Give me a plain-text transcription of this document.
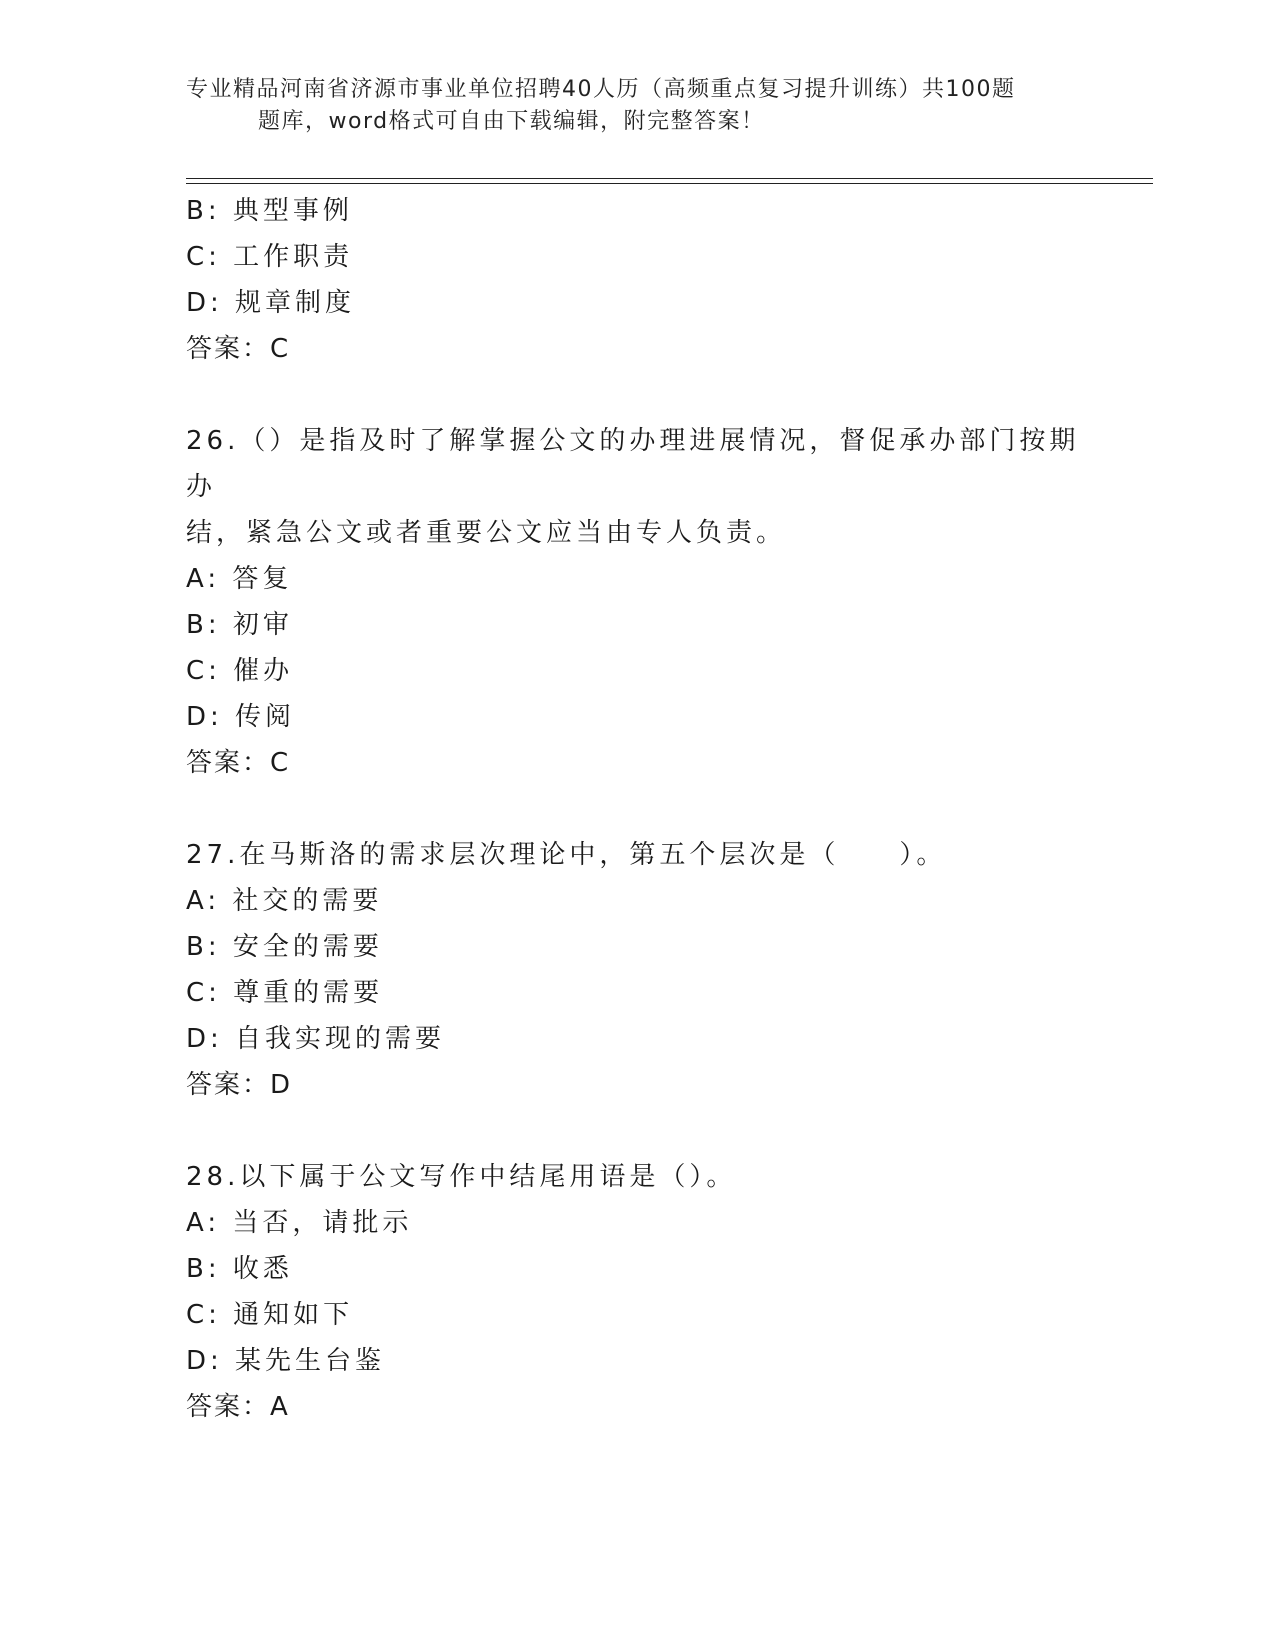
专业精品河南省济源市事业单位招聘40人历（高频重点复习提升训练）共100题
题库，word格式可自由下载编辑，附完整答案！
B: 典型事例
C: 工作职责
D: 规章制度
答案：C
26.（）是指及时了解掌握公文的办理进展情况，督促承办部门按期办
结，紧急公文或者重要公文应当由专人负责。
A: 答复
B: 初审
C: 催办
D: 传阅
答案：C
27.在马斯洛的需求层次理论中，第五个层次是（　　）。
A: 社交的需要
B: 安全的需要
C: 尊重的需要
D: 自我实现的需要
答案：D
28.以下属于公文写作中结尾用语是（）。
A: 当否，请批示
B: 收悉
C: 通知如下
D: 某先生台鉴
答案：A
